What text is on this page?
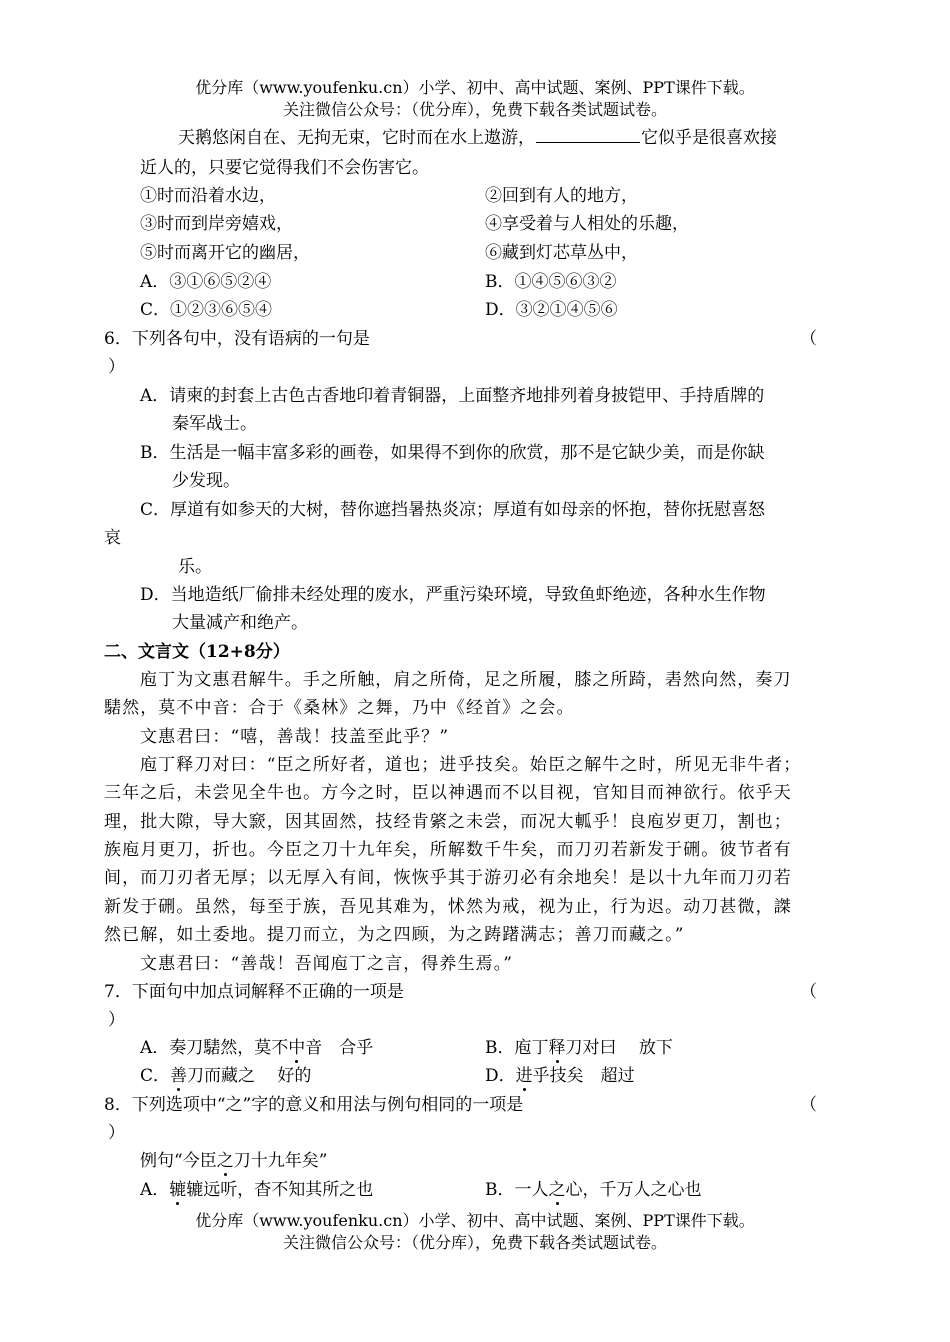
优分库（www.youfenku.cn）小学、初中、高中试题、案例、PPT课件下载。
关注微信公众号：（优分库），免费下载各类试题试卷。
天鹅悠闲自在、无拘无束，它时而在水上遨游，	它似乎是很喜欢接
近人的，只要它觉得我们不会伤害它。
①时而沿着水边，	②回到有人的地方，
③时而到岸旁嬉戏，	④享受着与人相处的乐趣，
⑤时而离开它的幽居，	⑥藏到灯芯草丛中，
A．③①⑥⑤②④	B．①④⑤⑥③②
C．①②③⑥⑤④	D．③②①④⑤⑥
6．下列各句中，没有语病的一句是	（
）
A．请柬的封套上古色古香地印着青铜器，上面整齐地排列着身披铠甲、手持盾牌的
秦军战士。
B．生活是一幅丰富多彩的画卷，如果得不到你的欣赏，那不是它缺少美，而是你缺
少发现。
C．厚道有如参天的大树，替你遮挡暑热炎凉；厚道有如母亲的怀抱，替你抚慰喜怒
哀
乐。
D．当地造纸厂偷排未经处理的废水，严重污染环境，导致鱼虾绝迹，各种水生作物
大量减产和绝产。
二、文言文（12+8分）
庖丁为文惠君解牛。手之所触，肩之所倚，足之所履，膝之所踦，砉然向然，奏刀
騞然，莫不中音：合于《桑林》之舞，乃中《经首》之会。
文惠君曰：“嘻，善哉！技盖至此乎？”
庖丁释刀对曰：“臣之所好者，道也；进乎技矣。始臣之解牛之时，所见无非牛者；
三年之后，未尝见全牛也。方今之时，臣以神遇而不以目视，官知目而神欲行。依乎天
理，批大隙，导大窾，因其固然，技经肯綮之未尝，而况大軱乎！良庖岁更刀，割也；
族庖月更刀，折也。今臣之刀十九年矣，所解数千牛矣，而刀刃若新发于硎。彼节者有
间，而刀刃者无厚；以无厚入有间，恢恢乎其于游刃必有余地矣！是以十九年而刀刃若
新发于硎。虽然，每至于族，吾见其难为，怵然为戒，视为止，行为迟。动刀甚微，謋
然已解，如土委地。提刀而立，为之四顾，为之踌躇满志；善刀而藏之。”
文惠君曰：“善哉！吾闻庖丁之言，得养生焉。”
7．下面句中加点词解释不正确的一项是	（
）
A．奏刀騞然，莫不中音　合乎	B．庖丁释刀对曰　 放下
C．善刀而藏之　 好的	D．进乎技矣　超过
8．下列选项中“之”字的意义和用法与例句相同的一项是	（
）
例句“今臣之刀十九年矣”
A．辘辘远听，杳不知其所之也	B．一人之心，千万人之心也
优分库（www.youfenku.cn）小学、初中、高中试题、案例、PPT课件下载。
关注微信公众号：（优分库），免费下载各类试题试卷。
